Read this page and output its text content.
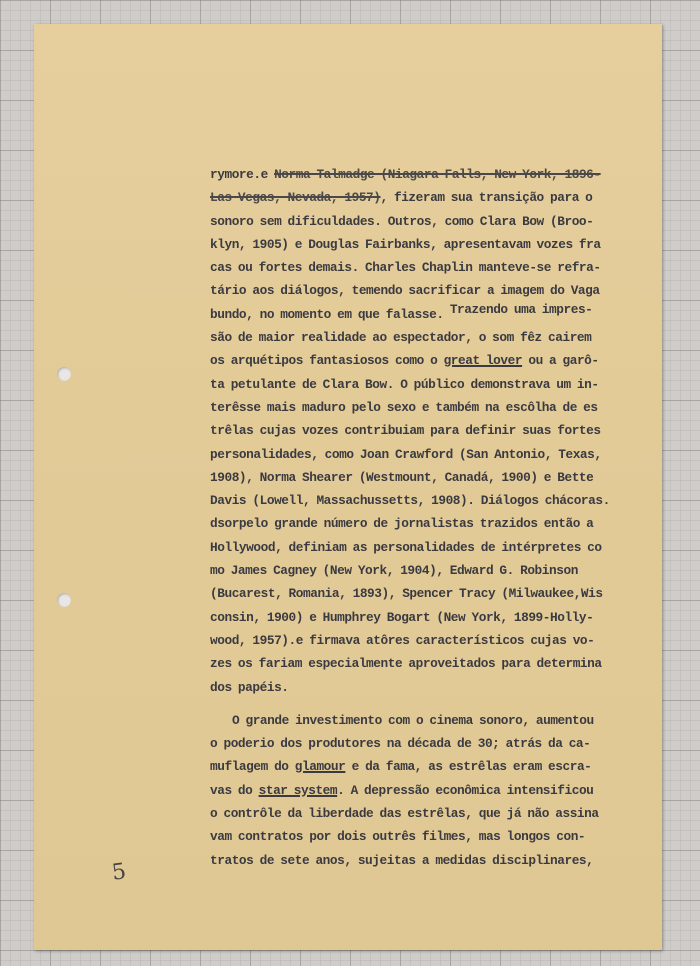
rymore.e Norma Talmadge (Niagara Falls, New York, 1896-
Las Vegas, Nevada, 1957), fizeram sua transição para o
sonoro sem dificuldades. Outros, como Clara Bow (Broo-
klyn, 1905) e Douglas Fairbanks, apresentavam vozes fra
cas ou fortes demais. Charles Chaplin manteve-se refra-
tário aos diálogos, temendo sacrificar a imagem do Vaga
bundo, no momento em que falasse. Trazendo uma impres-
são de maior realidade ao espectador, o som fêz cairem
os arquétipos fantasiosos como o great lover ou a garô-
ta petulante de Clara Bow. O público demonstrava um in-
terêsse mais maduro pelo sexo e também na escôlha de es
trêlas cujas vozes contribuiam para definir suas fortes
personalidades, como Joan Crawford (San Antonio, Texas,
1908), Norma Shearer (Westmount, Canadá, 1900) e Bette
Davis (Lowell, Massachussetts, 1908). Diálogos chácoras.
dsorpelo grande número de jornalistas trazidos então a
Hollywood, definiam as personalidades de intérpretes co
mo James Cagney (New York, 1904), Edward G. Robinson
(Bucarest, Romania, 1893), Spencer Tracy (Milwaukee,Wis
consin, 1900) e Humphrey Bogart (New York, 1899-Holly-
wood, 1957).e firmava atôres característicos cujas vo-
zes os fariam especialmente aproveitados para determina
dos papéis.
O grande investimento com o cinema sonoro, aumentou
o poderio dos produtores na década de 30; atrás da ca-
muflagem do glamour e da fama, as estrêlas eram escra-
vas do star system. A depressão econômica intensificou
o contrôle da liberdade das estrêlas, que já não assina
vam contratos por dois outrês filmes, mas longos con-
tratos de sete anos, sujeitas a medidas disciplinares,
5
